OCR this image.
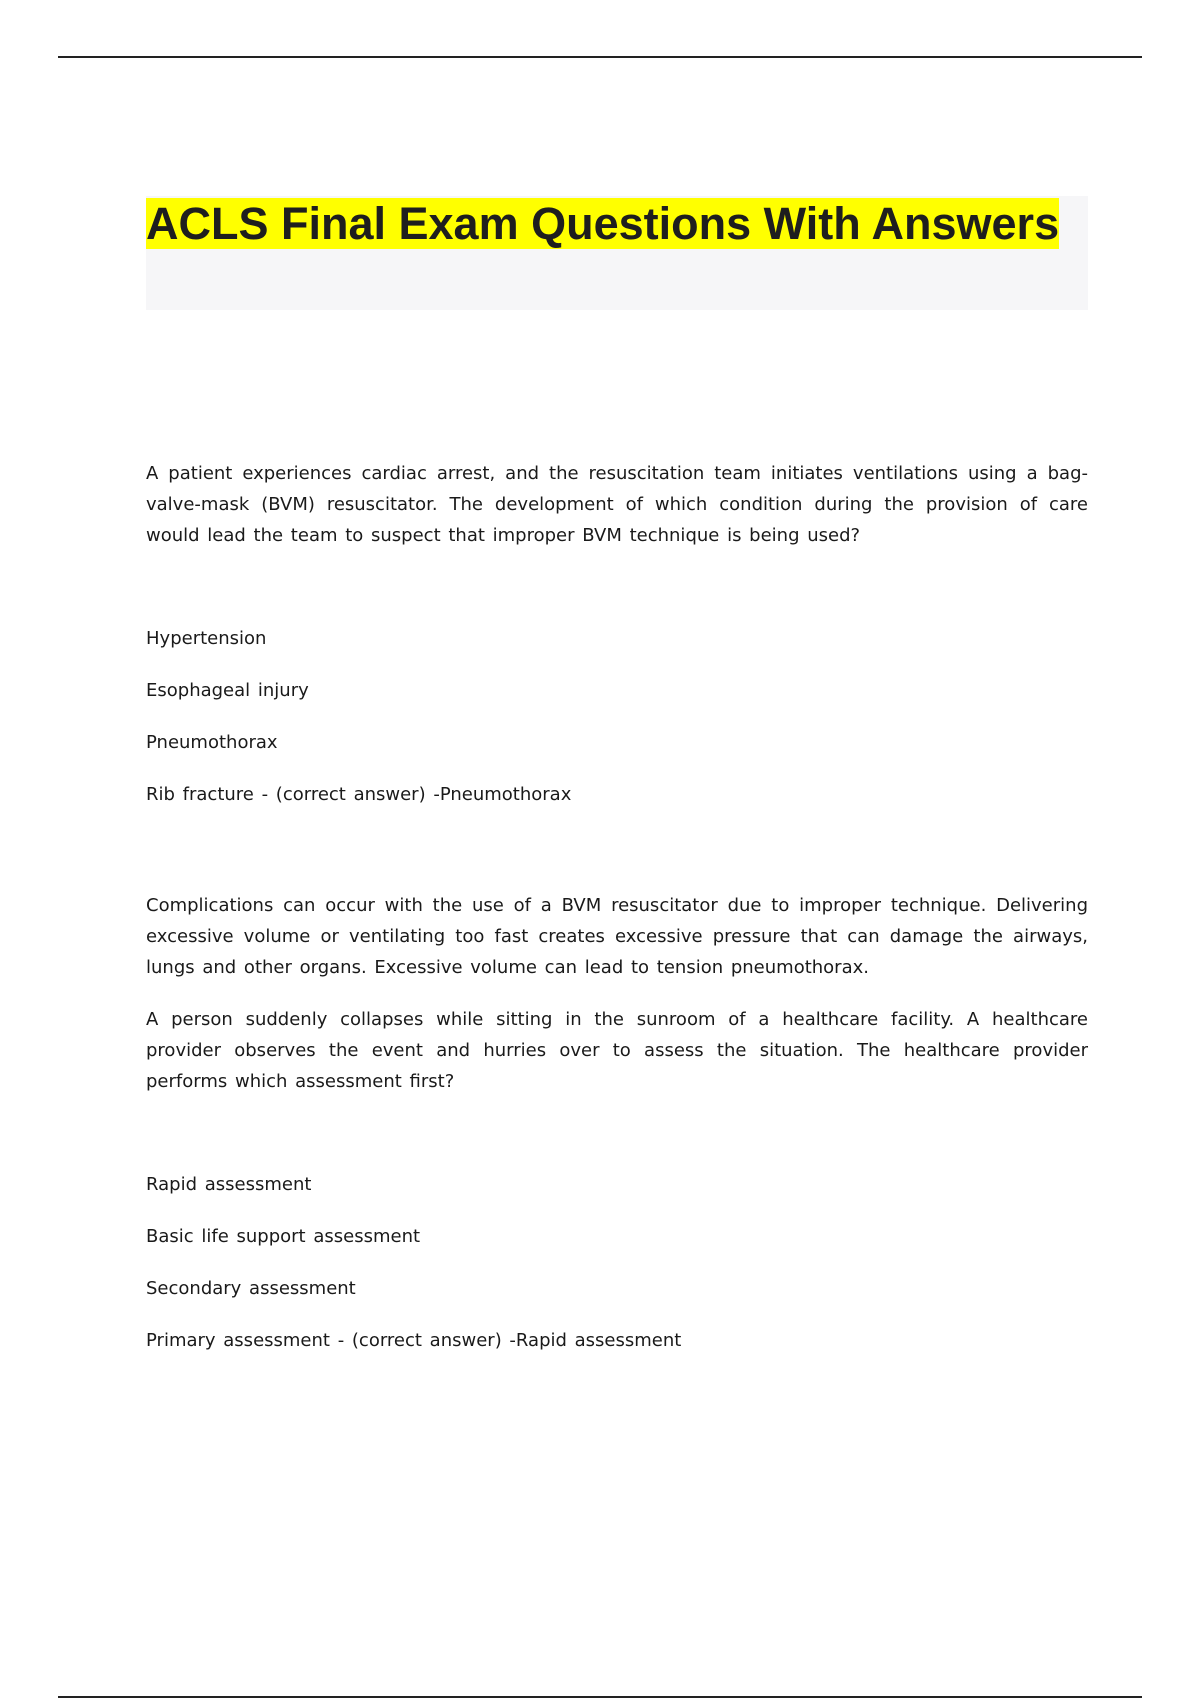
ACLS Final Exam Questions With Answers

A patient experiences cardiac arrest, and the resuscitation team initiates ventilations using a bag-valve-mask (BVM) resuscitator. The development of which condition during the provision of care would lead the team to suspect that improper BVM technique is being used?

Hypertension

Esophageal injury

Pneumothorax

Rib fracture - (correct answer) -Pneumothorax

Complications can occur with the use of a BVM resuscitator due to improper technique. Delivering excessive volume or ventilating too fast creates excessive pressure that can damage the airways, lungs and other organs. Excessive volume can lead to tension pneumothorax.

A person suddenly collapses while sitting in the sunroom of a healthcare facility. A healthcare provider observes the event and hurries over to assess the situation. The healthcare provider performs which assessment first?

Rapid assessment

Basic life support assessment

Secondary assessment

Primary assessment - (correct answer) -Rapid assessment
